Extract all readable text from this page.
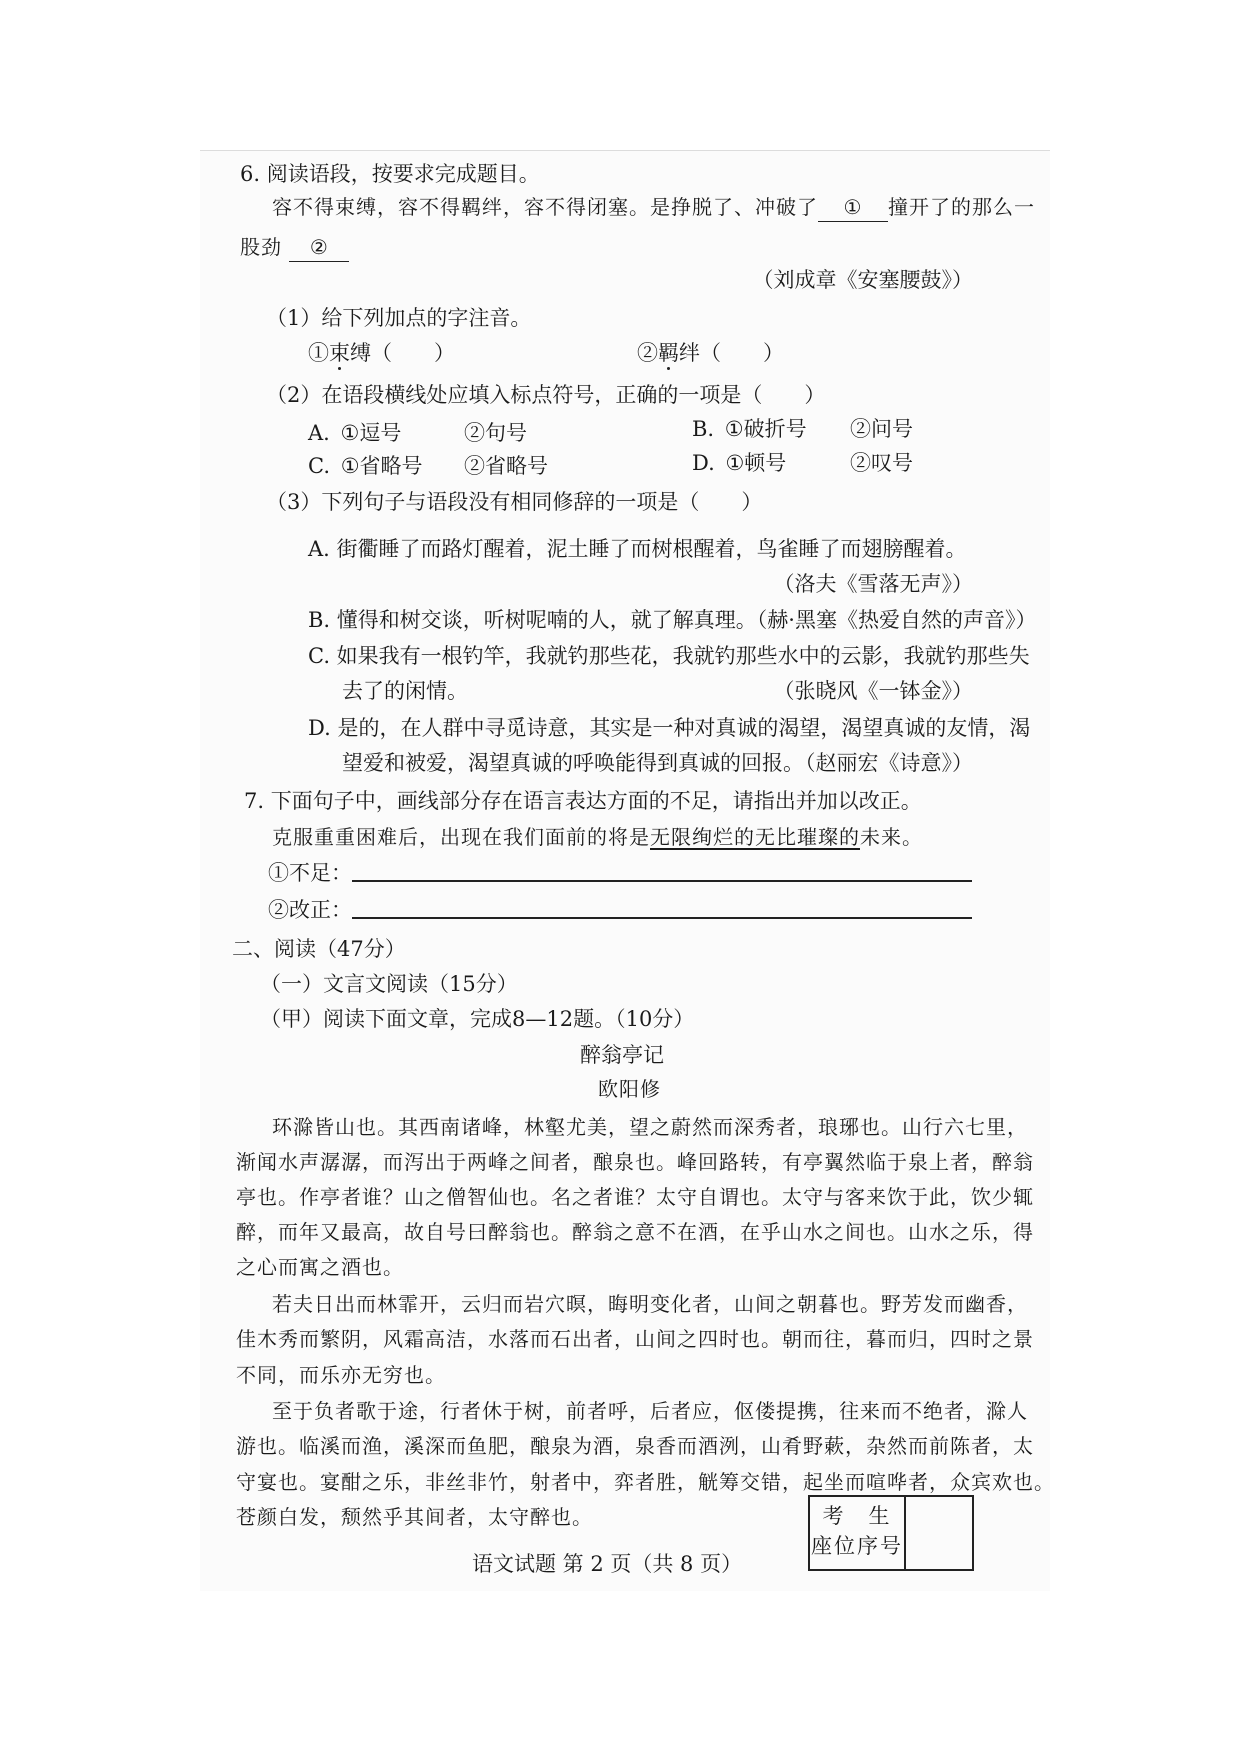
6. 阅读语段，按要求完成题目。
容不得束缚，容不得羁绊，容不得闭塞。是挣脱了、冲破了 ① 撞开了的那么一
股劲 ②
（刘成章《安塞腰鼓》）
（1）给下列加点的字注音。
①束缚（　　）	②羁绊（　　）
（2）在语段横线处应填入标点符号，正确的一项是（　　）
A. ①逗号	②句号	B. ①破折号 ②问号
C. ①省略号 ②省略号	D. ①顿号	②叹号
（3）下列句子与语段没有相同修辞的一项是（　　）
A. 街衢睡了而路灯醒着，泥土睡了而树根醒着，鸟雀睡了而翅膀醒着。
（洛夫《雪落无声》）
B. 懂得和树交谈，听树呢喃的人，就了解真理。（赫·黑塞《热爱自然的声音》）
C. 如果我有一根钓竿，我就钓那些花，我就钓那些水中的云影，我就钓那些失
去了的闲情。	（张晓风《一钵金》）
D. 是的，在人群中寻觅诗意，其实是一种对真诚的渴望，渴望真诚的友情，渴
望爱和被爱，渴望真诚的呼唤能得到真诚的回报。
（赵丽宏《诗意》）
7. 下面句子中，画线部分存在语言表达方面的不足，请指出并加以改正。
克服重重困难后，出现在我们面前的将是无限绚烂的无比璀璨的未来。
①不足：
②改正：
二、阅读（47分）
（一）文言文阅读（15分）
（甲）阅读下面文章，完成8—12题。（10分）
醉翁亭记
欧阳修
环滁皆山也。其西南诸峰，林壑尤美，望之蔚然而深秀者，琅琊也。山行六七里，
渐闻水声潺潺，而泻出于两峰之间者，酿泉也。峰回路转，有亭翼然临于泉上者，醉翁
亭也。作亭者谁？山之僧智仙也。名之者谁？太守自谓也。太守与客来饮于此，饮少辄
醉，而年又最高，故自号曰醉翁也。醉翁之意不在酒，在乎山水之间也。山水之乐，得
之心而寓之酒也。
若夫日出而林霏开，云归而岩穴暝，晦明变化者，山间之朝暮也。野芳发而幽香，
佳木秀而繁阴，风霜高洁，水落而石出者，山间之四时也。朝而往，暮而归，四时之景
不同，而乐亦无穷也。
至于负者歌于途，行者休于树，前者呼，后者应，伛偻提携，往来而不绝者，滁人
游也。临溪而渔，溪深而鱼肥，酿泉为酒，泉香而酒洌，山肴野蔌，杂然而前陈者，太
守宴也。宴酣之乐，非丝非竹，射者中，弈者胜，觥筹交错，起坐而喧哗者，众宾欢也。
苍颜白发，颓然乎其间者，太守醉也。	考　生
座位序号
语文试题 第 2 页（共 8 页）
